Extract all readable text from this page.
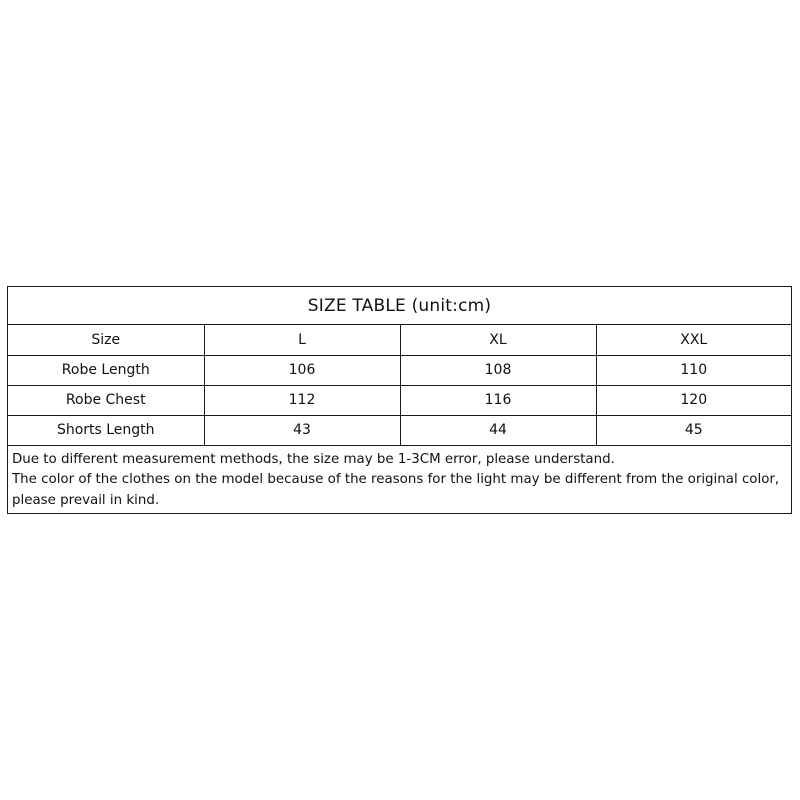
SIZE TABLE (unit:cm)
Size	L	XL	XXL
Robe Length	106	108	110
Robe Chest	112	116	120
Shorts Length	43	44	45
Due to different measurement methods, the size may be 1-3CM error, please understand.
The color of the clothes on the model because of the reasons for the light may be different from the original color,
please prevail in kind.
